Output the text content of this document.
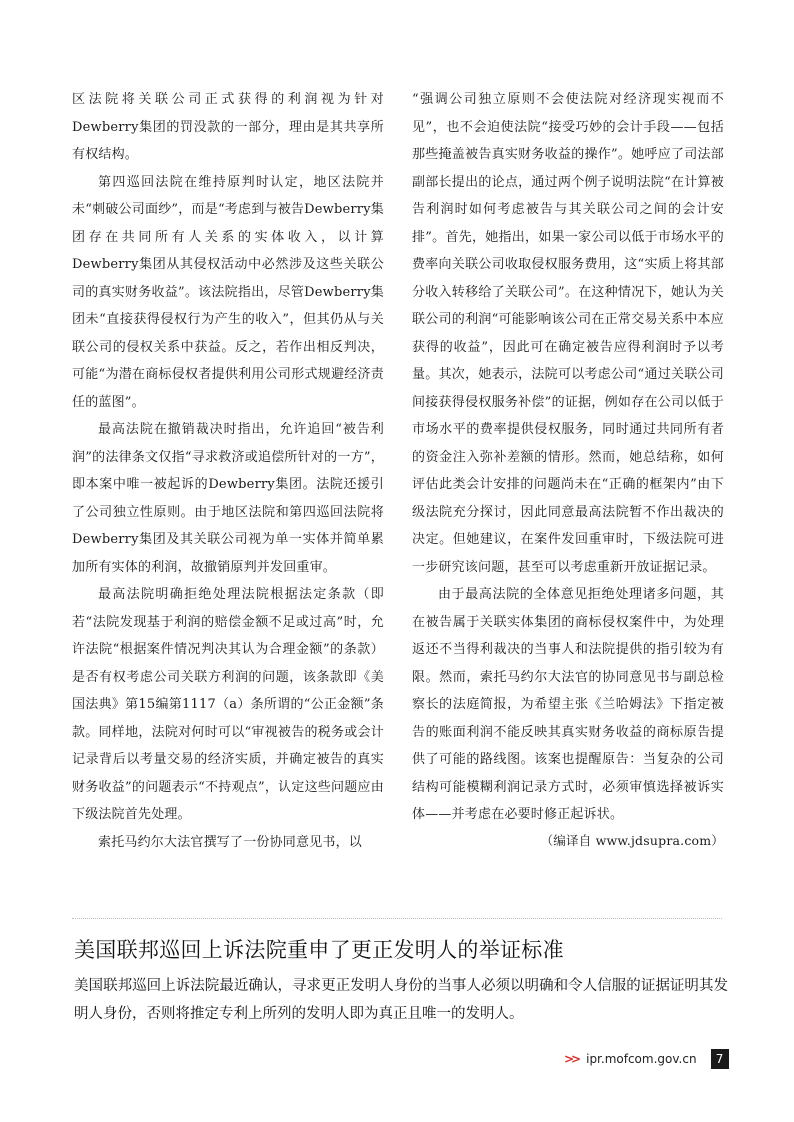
区法院将关联公司正式获得的利润视为针对Dewberry集团的罚没款的一部分，理由是其共享所有权结构。

第四巡回法院在维持原判时认定，地区法院并未“刺破公司面纱”，而是“考虑到与被告Dewberry集团存在共同所有人关系的实体收入，以计算Dewberry集团从其侵权活动中必然涉及这些关联公司的真实财务收益”。该法院指出，尽管Dewberry集团未“直接获得侵权行为产生的收入”，但其仍从与关联公司的侵权关系中获益。反之，若作出相反判决，可能“为潜在商标侵权者提供利用公司形式规避经济责任的蓝图”。

最高法院在撤销裁决时指出，允许追回“被告利润”的法律条文仅指“寻求救济或追偿所针对的一方”，即本案中唯一被起诉的Dewberry集团。法院还援引了公司独立性原则。由于地区法院和第四巡回法院将Dewberry集团及其关联公司视为单一实体并简单累加所有实体的利润，故撤销原判并发回重审。

最高法院明确拒绝处理法院根据法定条款（即若“法院发现基于利润的赔偿金额不足或过高”时，允许法院“根据案件情况判决其认为合理金额”的条款）是否有权考虑公司关联方利润的问题，该条款即《美国法典》第15编第1117（a）条所谓的“公正金额”条款。同样地，法院对何时可以“审视被告的税务或会计记录背后以考量交易的经济实质，并确定被告的真实财务收益”的问题表示“不持观点”，认定这些问题应由下级法院首先处理。

索托马约尔大法官撰写了一份协同意见书，以

“强调公司独立原则不会使法院对经济现实视而不见”，也不会迫使法院“接受巧妙的会计手段——包括那些掩盖被告真实财务收益的操作”。她呼应了司法部副部长提出的论点，通过两个例子说明法院“在计算被告利润时如何考虑被告与其关联公司之间的会计安排”。首先，她指出，如果一家公司以低于市场水平的费率向关联公司收取侵权服务费用，这“实质上将其部分收入转移给了关联公司”。在这种情况下，她认为关联公司的利润“可能影响该公司在正常交易关系中本应获得的收益”，因此可在确定被告应得利润时予以考量。其次，她表示，法院可以考虑公司“通过关联公司间接获得侵权服务补偿”的证据，例如存在公司以低于市场水平的费率提供侵权服务，同时通过共同所有者的资金注入弥补差额的情形。然而，她总结称，如何评估此类会计安排的问题尚未在“正确的框架内”由下级法院充分探讨，因此同意最高法院暂不作出裁决的决定。但她建议，在案件发回重审时，下级法院可进一步研究该问题，甚至可以考虑重新开放证据记录。

由于最高法院的全体意见拒绝处理诸多问题，其在被告属于关联实体集团的商标侵权案件中，为处理返还不当得利裁决的当事人和法院提供的指引较为有限。然而，索托马约尔大法官的协同意见书与副总检察长的法庭简报，为希望主张《兰哈姆法》下指定被告的账面利润不能反映其真实财务收益的商标原告提供了可能的路线图。该案也提醒原告：当复杂的公司结构可能模糊利润记录方式时，必须审慎选择被诉实体——并考虑在必要时修正起诉状。

（编译自 www.jdsupra.com）
美国联邦巡回上诉法院重申了更正发明人的举证标准
美国联邦巡回上诉法院最近确认，寻求更正发明人身份的当事人必须以明确和令人信服的证据证明其发明人身份，否则将推定专利上所列的发明人即为真正且唯一的发明人。
>> ipr.mofcom.gov.cn	7
